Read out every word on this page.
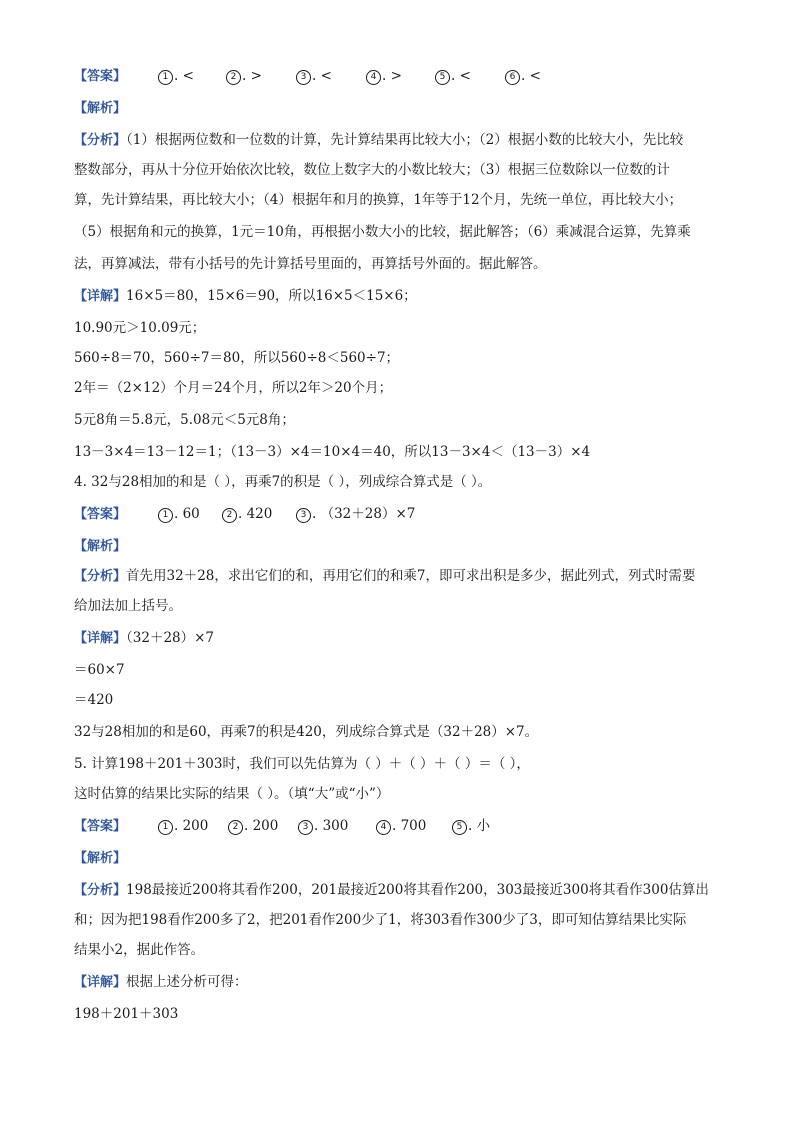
【答案】	1 . <	2 . >	3 . <	4 . >	5 . <	6 . <
【解析】
【分析】（1）根据两位数和一位数的计算，先计算结果再比较大小；（2）根据小数的比较大小，先比较
整数部分，再从十分位开始依次比较，数位上数字大的小数比较大；（3）根据三位数除以一位数的计
算，先计算结果，再比较大小；（4）根据年和月的换算，1年等于12个月，先统一单位，再比较大小；
（5）根据角和元的换算，1元＝10角，再根据小数大小的比较，据此解答；（6）乘减混合运算，先算乘
法，再算减法，带有小括号的先计算括号里面的，再算括号外面的。据此解答。
【详解】16×5＝80，15×6＝90，所以16×5＜15×6；
10.90元＞10.09元；
560÷8＝70，560÷7＝80，所以560÷8＜560÷7；
2年＝（2×12）个月＝24个月，所以2年＞20个月；
5元8角＝5.8元，5.08元＜5元8角；
13－3×4＝13－12＝1；（13－3）×4＝10×4＝40，所以13－3×4＜（13－3）×4
4. 32与28相加的和是（ ），再乘7的积是（ ），列成综合算式是（ ）。
【答案】	1 . 60	2 . 420	3 . （32＋28）×7
【解析】
【分析】首先用32＋28，求出它们的和，再用它们的和乘7，即可求出积是多少，据此列式，列式时需要
给加法加上括号。
【详解】（32＋28）×7
＝60×7
＝420
32与28相加的和是60，再乘7的积是420，列成综合算式是（32＋28）×7。
5. 计算198＋201＋303时，我们可以先估算为（ ）＋（ ）＋（ ）＝（ ），
这时估算的结果比实际的结果（ ）。（填“大”或“小”）
【答案】	1 . 200	2 . 200	3 . 300	4 . 700	5 . 小
【解析】
【分析】198最接近200将其看作200，201最接近200将其看作200，303最接近300将其看作300估算出
和；因为把198看作200多了2，把201看作200少了1，将303看作300少了3，即可知估算结果比实际
结果小2，据此作答。
【详解】根据上述分析可得：
198＋201＋303
